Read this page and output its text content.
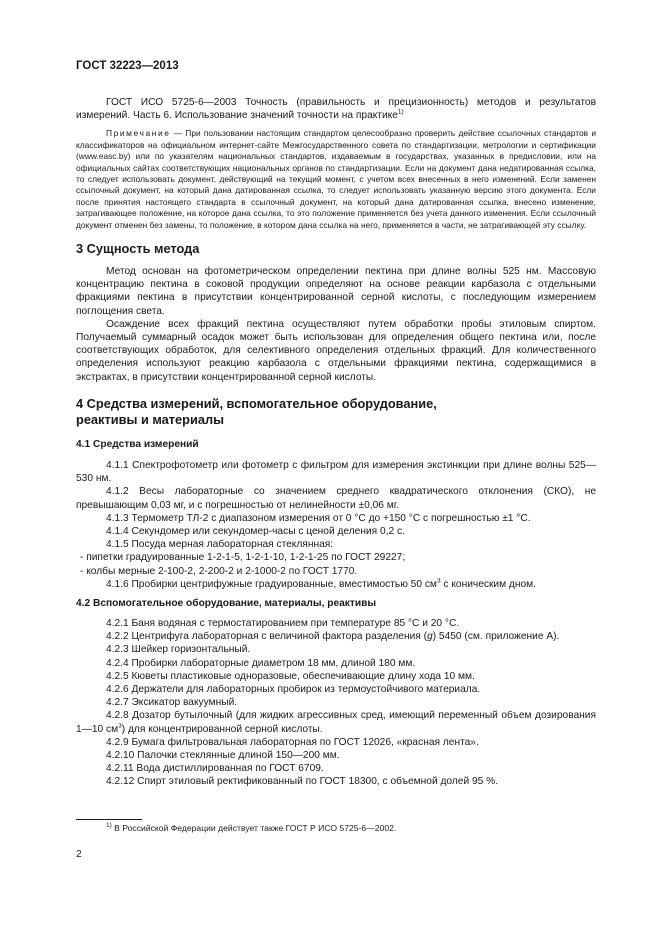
ГОСТ 32223—2013

ГОСТ ИСО 5725-6—2003 Точность (правильность и прецизионность) методов и результатов измерений. Часть 6. Использование значений точности на практике$^{1)}$

Примечание — При пользовании настоящим стандартом целесообразно проверить действие ссылочных стандартов и классификаторов на официальном интернет-сайте Межгосударственного совета по стандартизации, метрологии и сертификации (www.easc.by) или по указателям национальных стандартов, издаваемым в государствах, указанных в предисловии, или на официальных сайтах соответствующих национальных органов по стандартизации. Если на документ дана недатированная ссылка, то следует использовать документ, действующий на текущий момент, с учетом всех внесенных в него изменений. Если заменен ссылочный документ, на который дана датированная ссылка, то следует использовать указанную версию этого документа. Если после принятия настоящего стандарта в ссылочный документ, на который дана датированная ссылка, внесено изменение, затрагивающее положение, на которое дана ссылка, то это положение применяется без учета данного изменения. Если ссылочный документ отменен без замены, то положение, в котором дана ссылка на него, применяется в части, не затрагивающей эту ссылку.

3 Сущность метода

Метод основан на фотометрическом определении пектина при длине волны 525 нм. Массовую концентрацию пектина в соковой продукции определяют на основе реакции карбазола с отдельными фракциями пектина в присутствии концентрированной серной кислоты, с последующим измерением поглощения света.

Осаждение всех фракций пектина осуществляют путем обработки пробы этиловым спиртом. Получаемый суммарный осадок может быть использован для определения общего пектина или, после соответствующих обработок, для селективного определения отдельных фракций. Для количественного определения используют реакцию карбазола с отдельными фракциями пектина, содержащимися в экстрактах, в присутствии концентрированной серной кислоты.

4 Средства измерений, вспомогательное оборудование,
реактивы и материалы
4.1 Средства измерений

4.1.1 Спектрофотометр или фотометр с фильтром для измерения экстинкции при длине волны 525—530 нм.

4.1.2 Весы лабораторные со значением среднего квадратического отклонения (СКО), не превышающим 0,03 мг, и с погрешностью от нелинейности ±0,06 мг.

4.1.3 Термометр ТЛ-2 с диапазоном измерения от 0 °С до +150 °С с погрешностью ±1 °С.

4.1.4 Секундомер или секундомер-часы с ценой деления 0,2 с.

4.1.5 Посуда мерная лабораторная стеклянная:

- пипетки градуированные 1-2-1-5, 1-2-1-10, 1-2-1-25 по ГОСТ 29227;

- колбы мерные 2-100-2, 2-200-2 и 2-1000-2 по ГОСТ 1770.

4.1.6 Пробирки центрифужные градуированные, вместимостью 50 $см^3$ с коническим дном.

4.2 Вспомогательное оборудование, материалы, реактивы

4.2.1 Баня водяная с термостатированием при температуре 85 °С и 20 °С.

4.2.2 Центрифуга лабораторная с величиной фактора разделения (g) 5450 (см. приложение А).

4.2.3 Шейкер горизонтальный.

4.2.4 Пробирки лабораторные диаметром 18 мм, длиной 180 мм.

4.2.5 Кюветы пластиковые одноразовые, обеспечивающие длину хода 10 мм.

4.2.6 Держатели для лабораторных пробирок из термоустойчивого материала.

4.2.7 Эксикатор вакуумный.

4.2.8 Дозатор бутылочный (для жидких агрессивных сред, имеющий переменный объем дозирования 1—10 $см^3$) для концентрированной серной кислоты.

4.2.9 Бумага фильтровальная лабораторная по ГОСТ 12026, «красная лента».

4.2.10 Палочки стеклянные длиной 150—200 мм.

4.2.11 Вода дистиллированная по ГОСТ 6709.

4.2.12 Спирт этиловый ректификованный по ГОСТ 18300, с объемной долей 95 %.

$^{1)}$ В Российской Федерации действует также ГОСТ Р ИСО 5725-6—2002.
2
